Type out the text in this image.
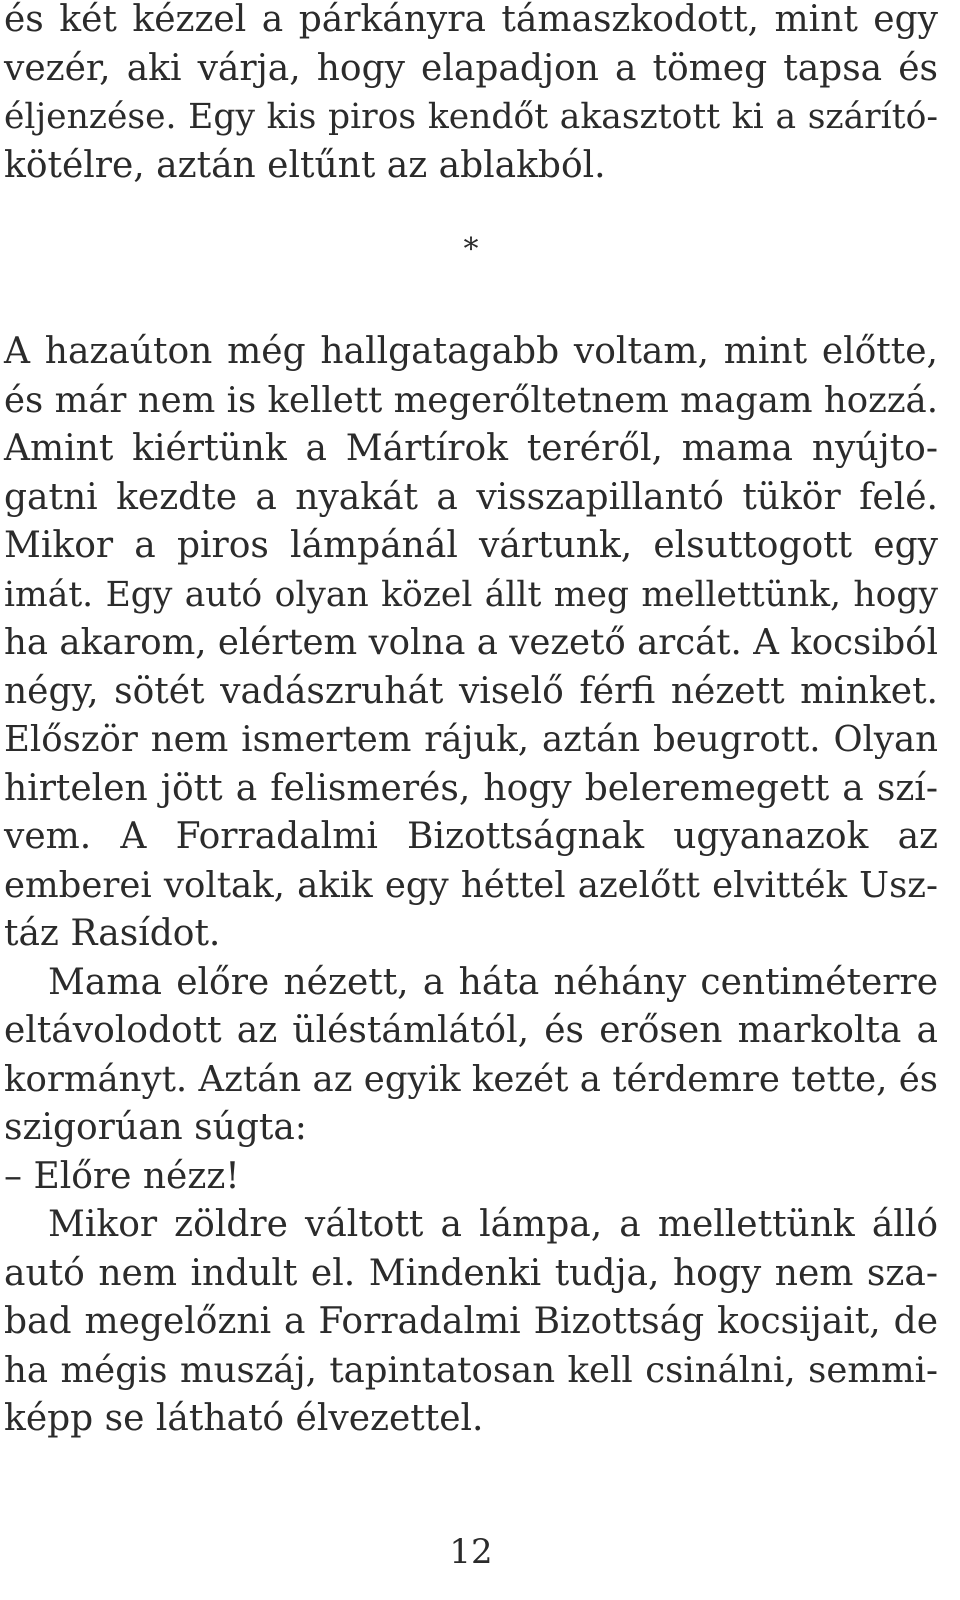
és két kézzel a párkányra támaszkodott, mint egy
vezér, aki várja, hogy elapadjon a tömeg tapsa és
éljenzése. Egy kis piros kendőt akasztott ki a szárító-
kötélre, aztán eltűnt az ablakból.
*
A hazaúton még hallgatagabb voltam, mint előtte,
és már nem is kellett megerőltetnem magam hozzá.
Amint kiértünk a Mártírok teréről, mama nyújto-
gatni kezdte a nyakát a visszapillantó tükör felé.
Mikor a piros lámpánál vártunk, elsuttogott egy
imát. Egy autó olyan közel állt meg mellettünk, hogy
ha akarom, elértem volna a vezető arcát. A kocsiból
négy, sötét vadászruhát viselő férfi nézett minket.
Először nem ismertem rájuk, aztán beugrott. Olyan
hirtelen jött a felismerés, hogy beleremegett a szí-
vem. A Forradalmi Bizottságnak ugyanazok az
emberei voltak, akik egy héttel azelőtt elvitték Usz-
táz Rasídot.
Mama előre nézett, a háta néhány centiméterre
eltávolodott az üléstámlától, és erősen markolta a
kormányt. Aztán az egyik kezét a térdemre tette, és
szigorúan súgta:
– Előre nézz!
Mikor zöldre váltott a lámpa, a mellettünk álló
autó nem indult el. Mindenki tudja, hogy nem sza-
bad megelőzni a Forradalmi Bizottság kocsijait, de
ha mégis muszáj, tapintatosan kell csinálni, semmi-
képp se látható élvezettel.
12
